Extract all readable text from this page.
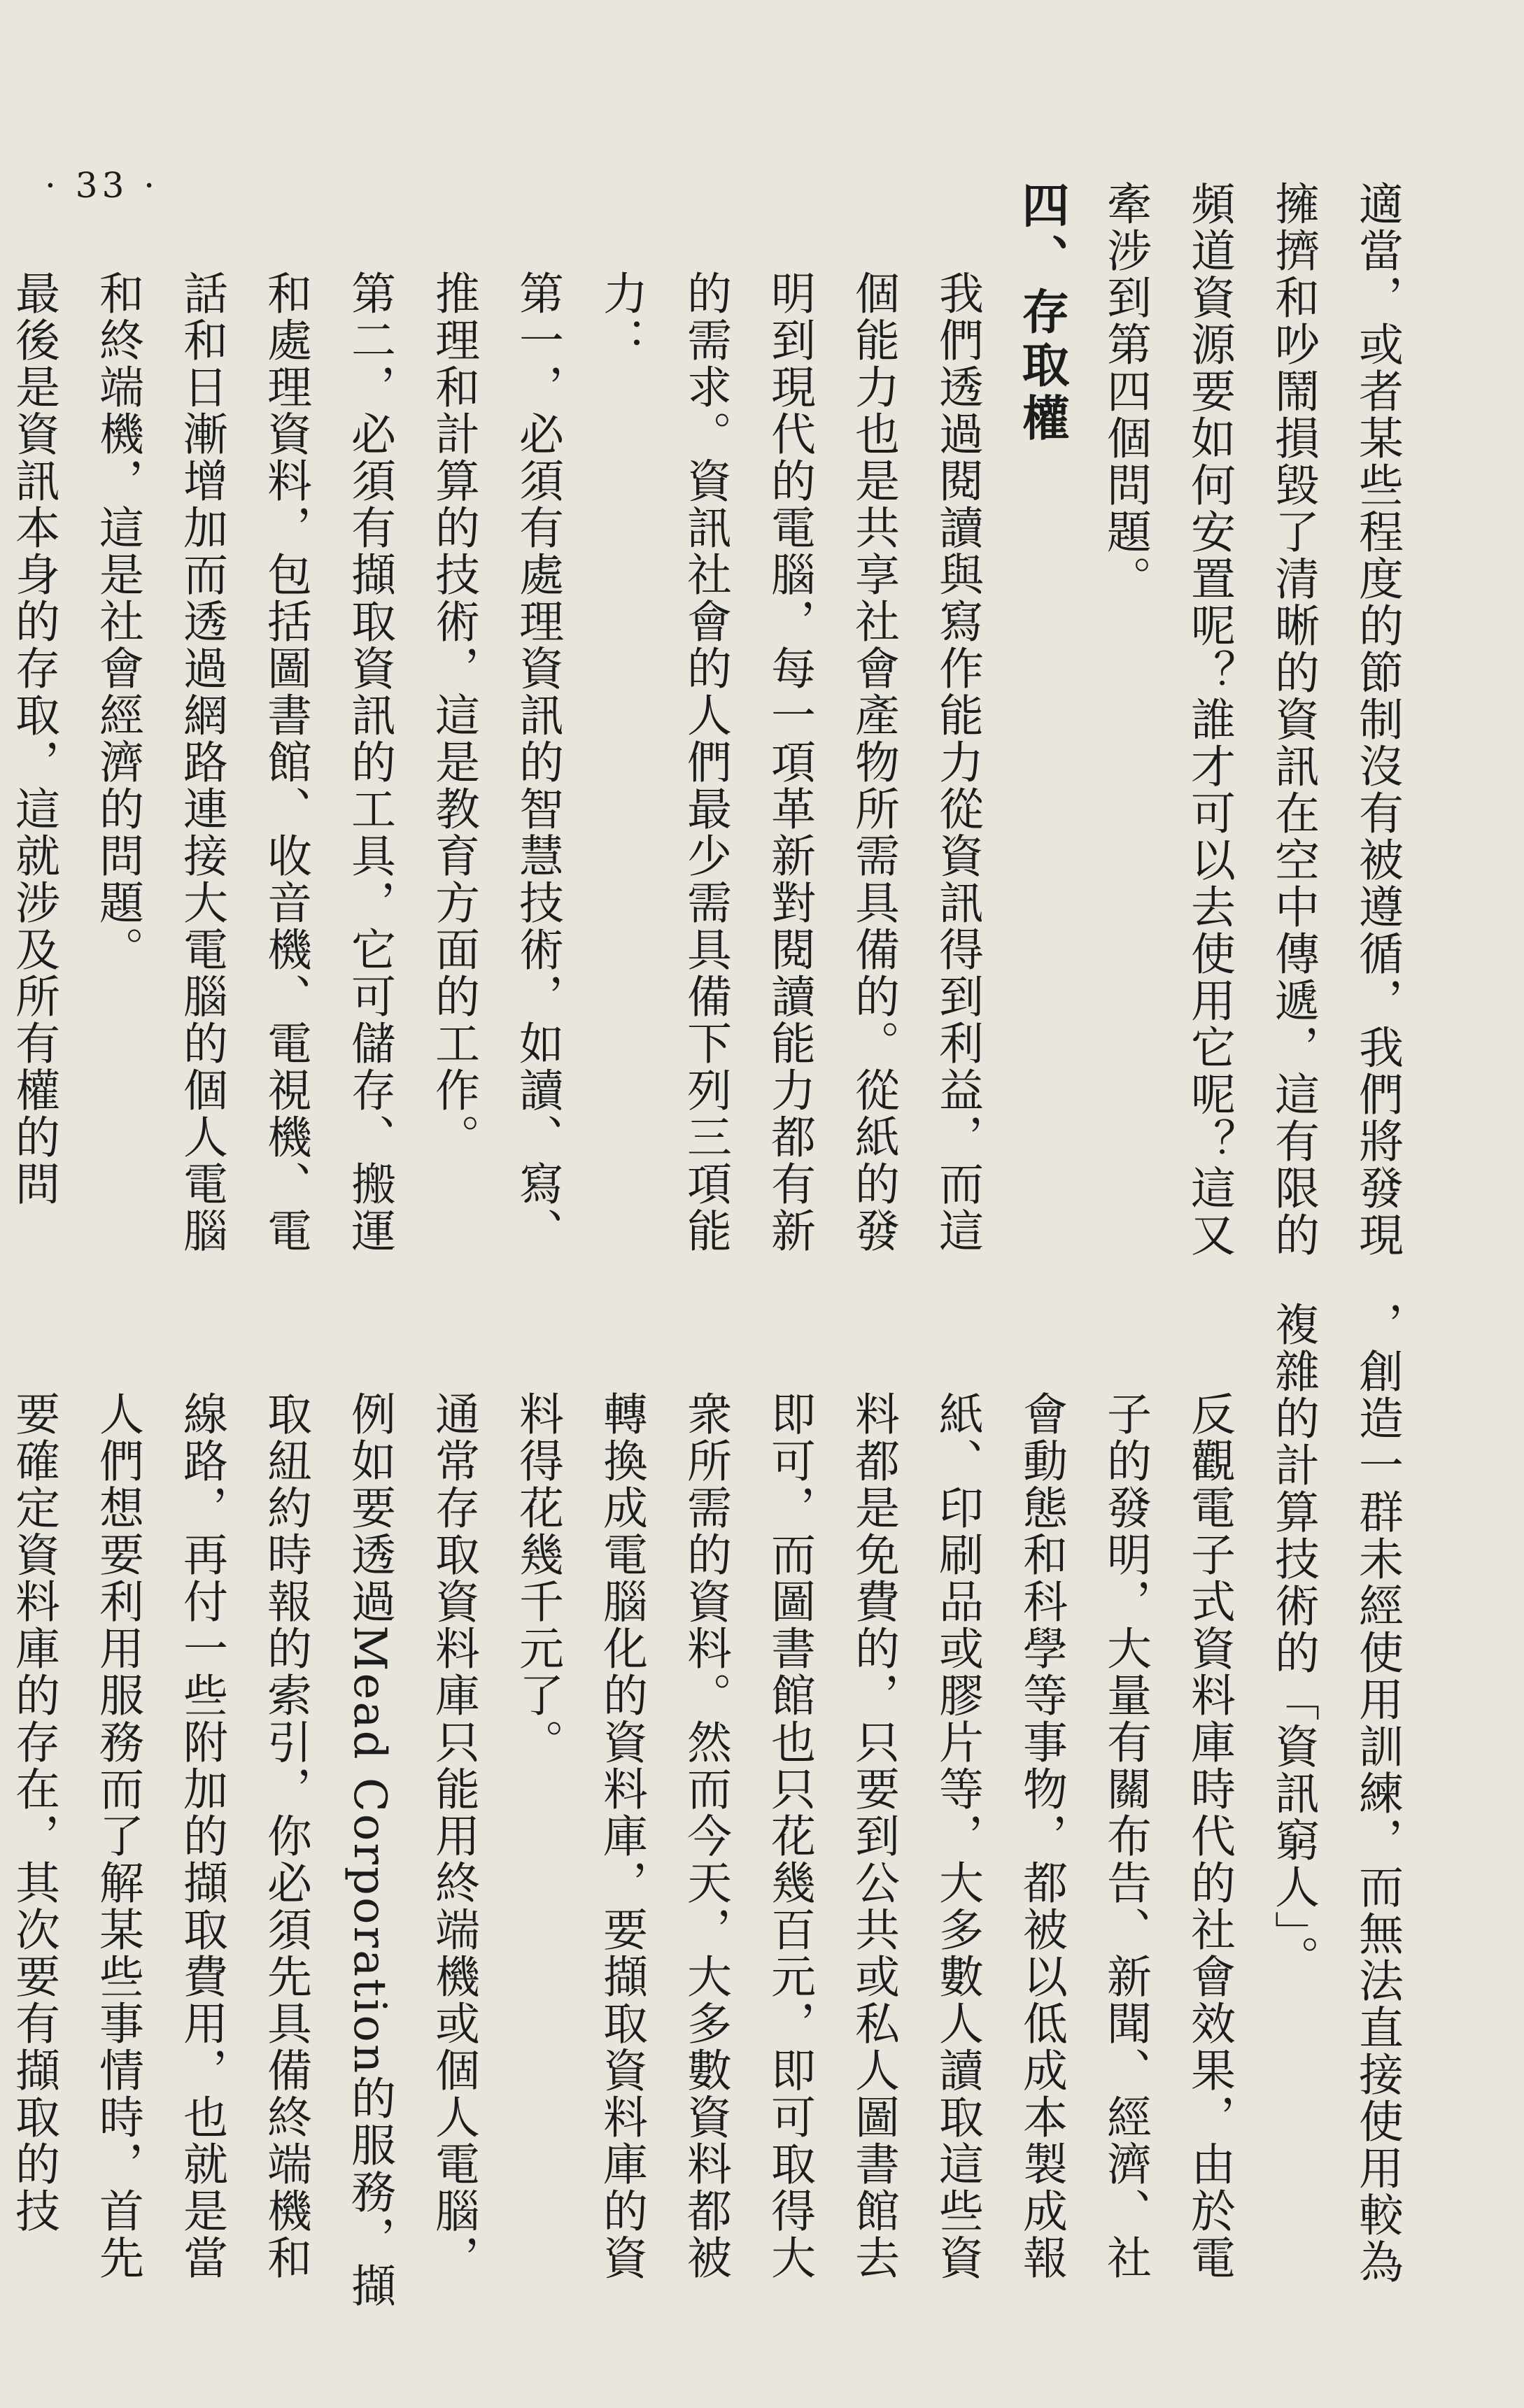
· 33 ·	適當，或者某些程度的節制沒有被遵循，我們將發現擁擠和吵鬧損毀了清晰的資訊在空中傳遞，這有限的頻道資源要如何安置呢？誰才可以去使用它呢？這又牽涉到第四個問題。

四、存取權

我們透過閱讀與寫作能力從資訊得到利益，而這個能力也是共享社會產物所需具備的。從紙的發明到現代的電腦，每一項革新對閱讀能力都有新的需求。資訊社會的人們最少需具備下列三項能力：

第一，必須有處理資訊的智慧技術，如讀、寫、推理和計算的技術，這是教育方面的工作。

第二，必須有擷取資訊的工具，它可儲存、搬運和處理資料，包括圖書館、收音機、電視機、電話和日漸增加而透過網路連接大電腦的個人電腦和終端機，這是社會經濟的問題。

最後是資訊本身的存取，這就涉及所有權的問

，創造一群未經使用訓練，而無法直接使用較為複雜的計算技術的「資訊窮人」。

反觀電子式資料庫時代的社會效果，由於電子的發明，大量有關布告、新聞、經濟、社會動態和科學等事物，都被以低成本製成報紙、印刷品或膠片等，大多數人讀取這些資料都是免費的，只要到公共或私人圖書館去即可，而圖書館也只花幾百元，即可取得大衆所需的資料。然而今天，大多數資料都被轉換成電腦化的資料庫，要擷取資料庫的資料得花幾千元了。

通常存取資料庫只能用終端機或個人電腦，例如要透過Mead Corporation的服務，擷取紐約時報的索引，你必須先具備終端機和線路，再付一些附加的擷取費用，也就是當人們想要利用服務而了解某些事情時，首先要確定資料庫的存在，其次要有擷取的技
